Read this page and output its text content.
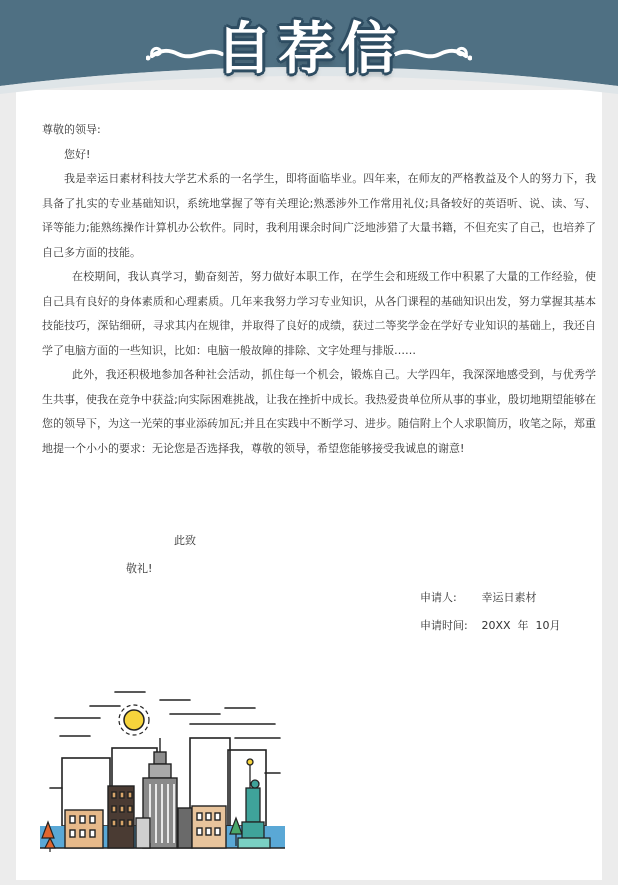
自荐信

尊敬的领导:

您好!

我是幸运日素材科技大学艺术系的一名学生，即将面临毕业。四年来，在师友的严格教益及个人的努力下，我具备了扎实的专业基础知识，系统地掌握了等有关理论;熟悉涉外工作常用礼仪;具备较好的英语听、说、读、写、译等能力;能熟练操作计算机办公软件。同时，我利用课余时间广泛地涉猎了大量书籍，不但充实了自己，也培养了自己多方面的技能。

在校期间，我认真学习，勤奋刻苦，努力做好本职工作，在学生会和班级工作中积累了大量的工作经验，使自己具有良好的身体素质和心理素质。几年来我努力学习专业知识，从各门课程的基础知识出发，努力掌握其基本技能技巧，深钻细研，寻求其内在规律，并取得了良好的成绩，获过二等奖学金在学好专业知识的基础上，我还自学了电脑方面的一些知识，比如：电脑一般故障的排除、文字处理与排版……

此外，我还积极地参加各种社会活动，抓住每一个机会，锻炼自己。大学四年，我深深地感受到，与优秀学生共事，使我在竞争中获益;向实际困难挑战，让我在挫折中成长。我热爱贵单位所从事的事业，殷切地期望能够在您的领导下，为这一光荣的事业添砖加瓦;并且在实践中不断学习、进步。随信附上个人求职简历，收笔之际，郑重地提一个小小的要求：无论您是否选择我，尊敬的领导，希望您能够接受我诚息的谢意!

此致
敬礼!
申请人: 幸运日素材
申请时间: 20XX  年  10月
